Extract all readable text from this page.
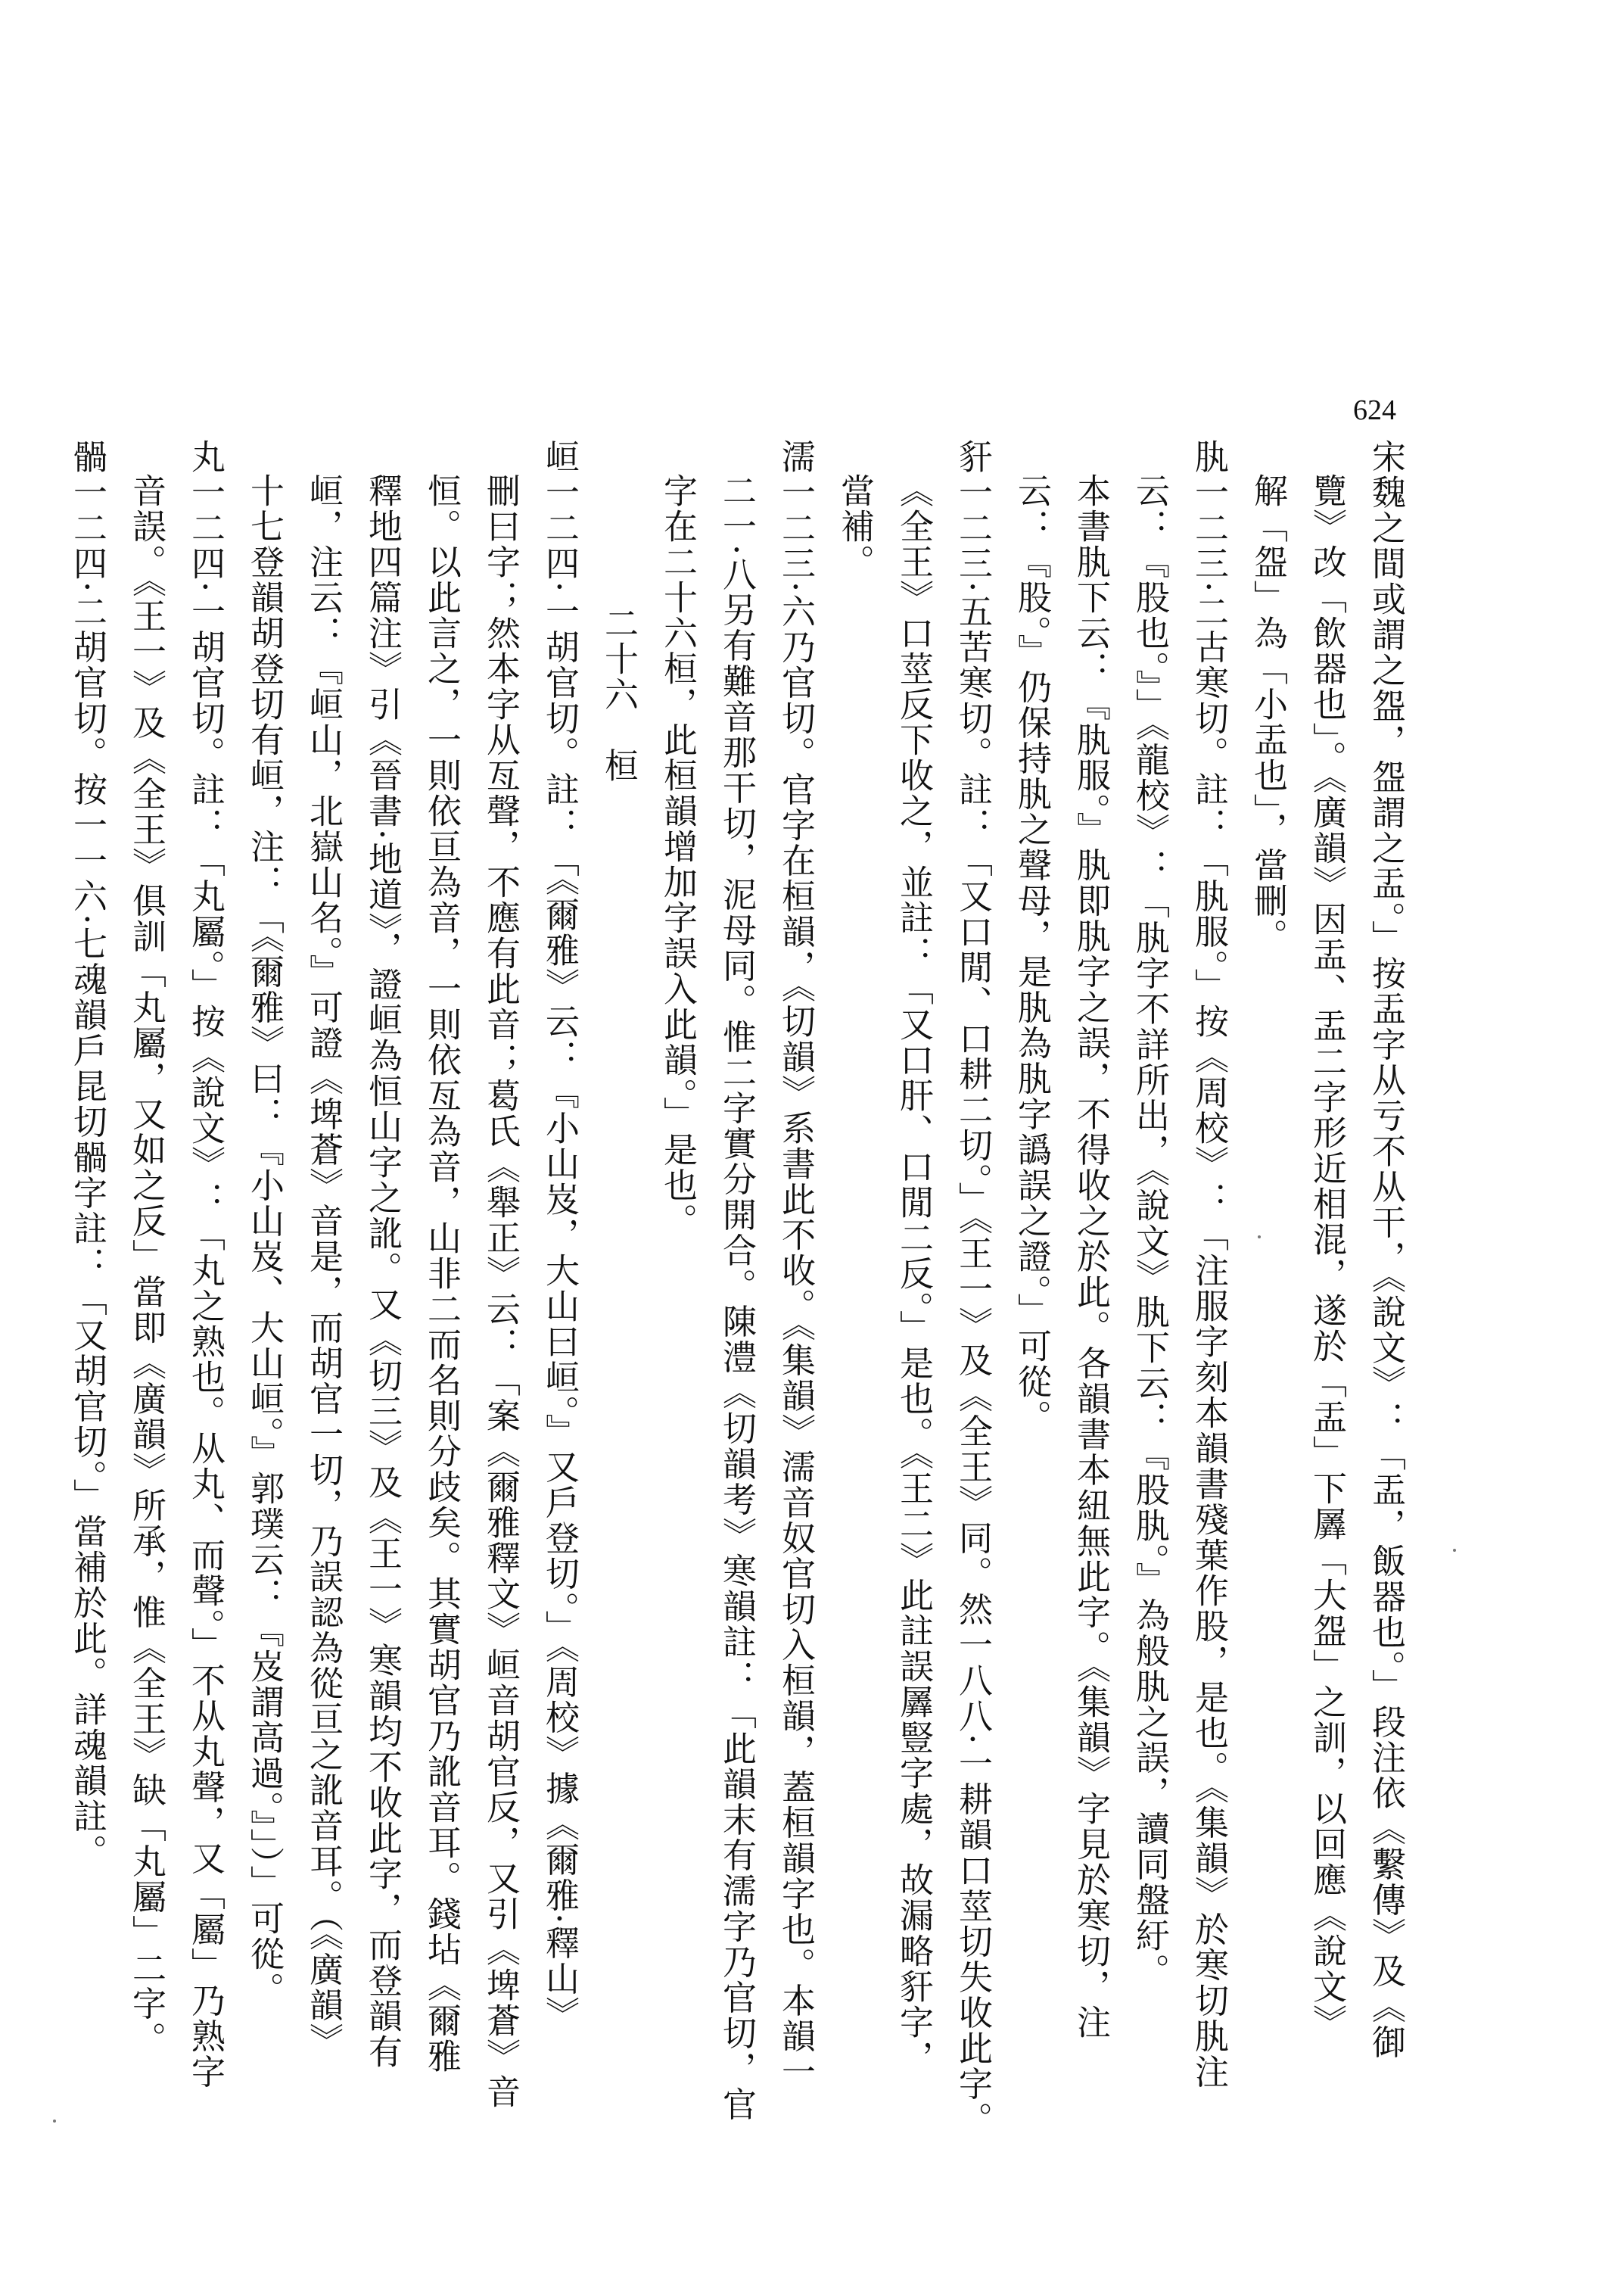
624
宋魏之間或謂之盌，盌謂之盂。」按盂字从亏不从干，《說文》：「盂，飯器也。」段注依《繫傳》及《御
覽》改「飲器也」。《廣韻》因盂、盂二字形近相混，遂於「盂」下羼「大盌」之訓，以回應《說文》
解「盌」為「小盂也」，當刪。
肒一二三·二古寒切。註：「肒服。」按《周校》：「注服字刻本韻書殘葉作股，是也。《集韻》於寒切肒注
云：『股也。』」《龍校》：「肒字不詳所出，《說文》肒下云：『股肒。』為般肒之誤，讀同盤紆。
本書肒下云：『肒服。』肒即肒字之誤，不得收之於此。各韻書本紐無此字。《集韻》字見於寒切，注
云：『股。』仍保持肒之聲母，是肒為肒字譌誤之證。」可從。
豻一二三·五苦寒切。註：「又口閒、口耕二切。」《王一》及《全王》同。然一八八·一耕韻口莖切失收此字。
《全王》口莖反下收之，並註：「又口肝、口閒二反。」是也。《王二》此註誤羼豎字處，故漏略豻字，
當補。
濡一二三·六乃官切。官字在桓韻，《切韻》系書此不收。《集韻》濡音奴官切入桓韻，蓋桓韻字也。本韻一
二一·八另有難音那干切，泥母同。惟二字實分開合。陳澧《切韻考》寒韻註：「此韻末有濡字乃官切，官
字在二十六桓，此桓韻增加字誤入此韻。」是也。
二十六　桓
峘一二四·一胡官切。註：「《爾雅》云：『小山岌，大山曰峘。』又戶登切。」《周校》據《爾雅·釋山》
刪曰字；然本字从亙聲，不應有此音；葛氏《舉正》云：「案《爾雅釋文》峘音胡官反，又引《埤蒼》音
恒。以此言之，一則依亘為音，一則依亙為音，山非二而名則分歧矣。其實胡官乃訛音耳。錢坫《爾雅
釋地四篇注》引《晉書·地道》，證峘為恒山字之訛。又《切三》及《王一》寒韻均不收此字，而登韻有
峘，注云：『峘山，北嶽山名。』可證《埤蒼》音是，而胡官一切，乃誤認為從亘之訛音耳。（《廣韻》
十七登韻胡登切有峘，注：「《爾雅》曰：『小山岌、大山峘。』郭璞云：『岌謂高過。』」）」可從。
丸一二四·一胡官切。註：「丸屬。」按《說文》：「丸之熟也。从丸、而聲。」不从丸聲，又「屬」乃熟字
音誤。《王一》及《全王》俱訓「丸屬，又如之反」當即《廣韻》所承，惟《全王》缺「丸屬」二字。
䯞一二四·二胡官切。按一一六·七魂韻戶昆切䯞字註：「又胡官切。」當補於此。詳魂韻註。
